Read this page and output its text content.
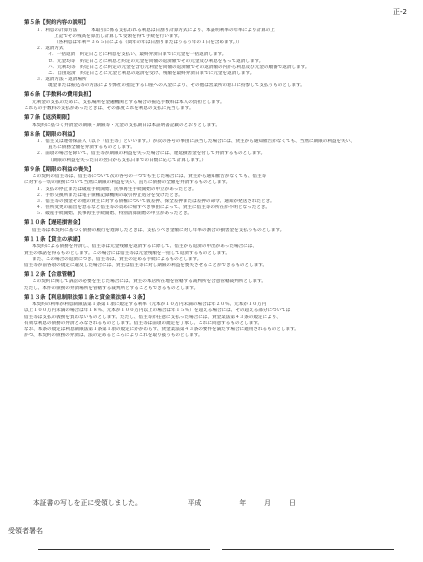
正-2
第５条【契約内容の説明】
１．利息の計算方法　　　本取引に係る支払われる利息は日割り計算方式により、本証明利率の年率により計算の上
上記でその残高を算出し計算して受領を得て手続を行います。
（各利息は年利＝３６５日による（閏年の年は日割りまたはうるう年の１日を含めます。））
２．返済方式
イ．一括返済　約定日ごとに利息を支払い、最終弁済日までに元金を一括返済します。
ロ．元金均等　約定日ごとに利息と約定の元金を同額の返済額でその元金及び利息をもって返済します。
ハ．元利均等　約定日ごとに約定の元金を含む元利金を同額の返済額でその返済額の内から利息及び元金の順番で返済します。
ニ．自由返済　約定日ごとに元金と利息の返済を受け、残額を最終弁済日までに元金を返済します。
３．返済方法・返済場所
現金または振込等の方法により弊社の指定する口座への入金により、その他は営業所の窓口に持参して支払うものとします。
第６条【手数料の費用負担】
元利金の支払のために、支払場所を金融機関とする場合の振込手数料は本人の負担とします。
これらの手数料の支払があったときは、その都度これを利息の支払に充当します。
第７条【返済期限】
本契約に基づく弁済金の期限・期限等・元金の支払期日は本証明書記載のとおりとします。
第８条【期限の利益】
１．借主又は連帯保証人（以下「借主等」といいます。）が次の各号の事由に該当した場合には、貸主から通知催告がなくても、当然に期限の利益を失い、
直ちに債務全額を弁済するものとします。
２．前項の場合を除いて、借主等が期限の利益を失った場合には、遅延損害金を付して弁済するものとします。
（期限の利益を失った日の翌日から支払日までの日数に応じて計算します。）
第９条【期限の利益の喪失】
この契約の借主等は、借主等について次の各号の一つでも生じた場合には、貸主から通知催告がなくても、借主等
に対する一切の債務について当然に期限の利益を失い、直ちに債務の全額を弁済するものとします。
１．支払の停止または破産手続開始、民事再生手続開始の申立があったとき。
２．手形交換所または電子債権記録機関の取引停止処分を受けたとき。
３．借主等の預金その他の貸主に対する債権について仮差押、保全差押または差押の命令、通知が発送されたとき。
４．住所変更の届出を怠るなど借主等の責めに帰すべき事由によって、貸主に借主等の所在が不明となったとき。
５．破産手続開始、民事再生手続開始、特別清算開始の申立があったとき。
第１０条【遅延損害金】
借主等は本契約に基づく債務の履行を遅滞したときは、支払うべき金額に対し年率の割合の損害金を支払うものとします。
第１１条【貸主の承諾】
本契約による債務を弁済し、借主等は元金残額を返済するに際して、借主から返済の申出があった場合には、
貸主の承諾を得るものとします。この場合には借主等は元金残額を一括して返済するものとします。
また、この場合の返済につき、借主等は、貸主の定める手続によるものとします。
借主等が前各項の規定に違反した場合には、貸主は借主等に対し期限の利益を喪失させることができるものとします。
第１２条【合意管轄】
この契約に関して訴訟の必要を生じた場合には、貸主の本店所在地を管轄する裁判所を合意管轄裁判所とします。
ただし、本件の債務の弁済場所を管轄する裁判所とすることもできるものとします。
第１３条【利息制限法第１条と貸金業法第４３条】
本契約の利率が利息制限法第１条第１項に規定する利率（元本が１０万円未満の場合は年２０％、元本が１０万円
以上１００万円未満の場合は年１８％、元本が１００万円以上の場合は年１５％）を超える場合には、その超える部分については
借主等は支払の義務を負わないものとします。ただし、借主等が任意に支払った場合には、貸金業法第４３条の規定により、
有効な利息の債務の弁済とみなされるものとします。借主等は前項の規定を了承し、これに同意するものとします。
なお、本条の規定は利息制限法第１条第１項の規定にかかわらず、貸金業法第４３条の要件を満たす場合に適用されるものとします。
かつ、本契約の債務の弁済は、法の定めるところによりこれを取り扱うものとします。
本証書の写しを正に受領しました。	平成	年	月	日
受領者署名
